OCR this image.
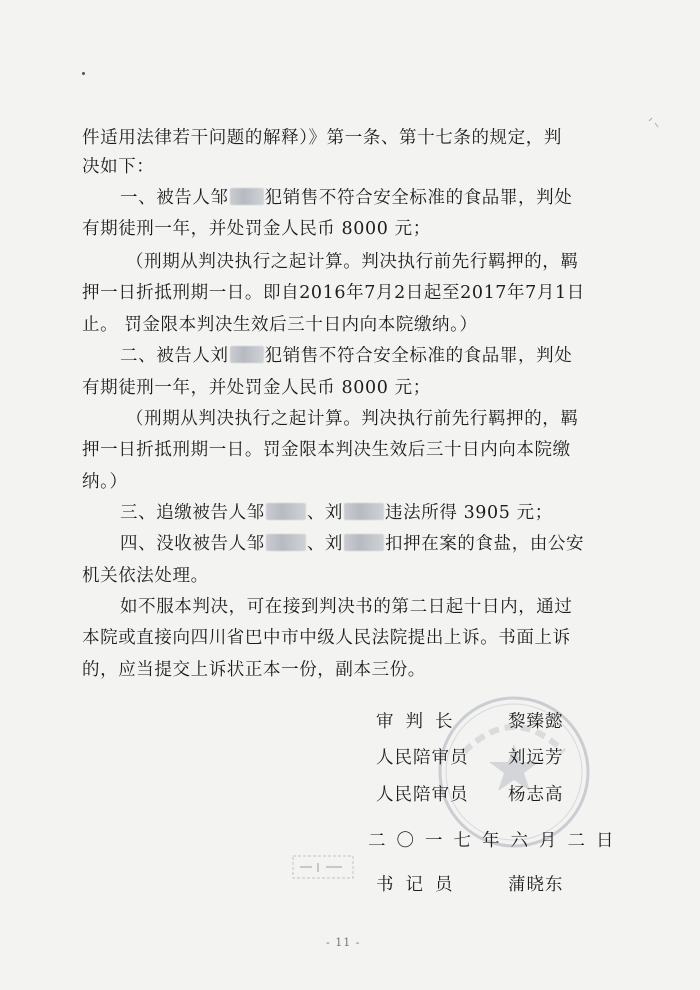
件适用法律若干问题的解释）》第一条、第十七条的规定，判
决如下：
一、被告人邹 犯销售不符合安全标准的食品罪，判处
有期徒刑一年，并处罚金人民币 8000 元；
（刑期从判决执行之起计算。判决执行前先行羁押的，羁
押一日折抵刑期一日。即自2016年7月2日起至2017年7月1日
止。 罚金限本判决生效后三十日内向本院缴纳。）
二、被告人刘 犯销售不符合安全标准的食品罪，判处
有期徒刑一年，并处罚金人民币 8000 元；
（刑期从判决执行之起计算。判决执行前先行羁押的，羁
押一日折抵刑期一日。罚金限本判决生效后三十日内向本院缴
纳。）
三、追缴被告人邹 、刘 违法所得 3905 元；
四、没收被告人邹 、刘 扣押在案的食盐，由公安
机关依法处理。
如不服本判决，可在接到判决书的第二日起十日内，通过
本院或直接向四川省巴中市中级人民法院提出上诉。书面上诉
的，应当提交上诉状正本一份，副本三份。
审判长 黎臻懿
人民陪审员 刘远芳
人民陪审员 杨志高
二〇一七年六月二日
书记员 蒲晓东
- 11 -
